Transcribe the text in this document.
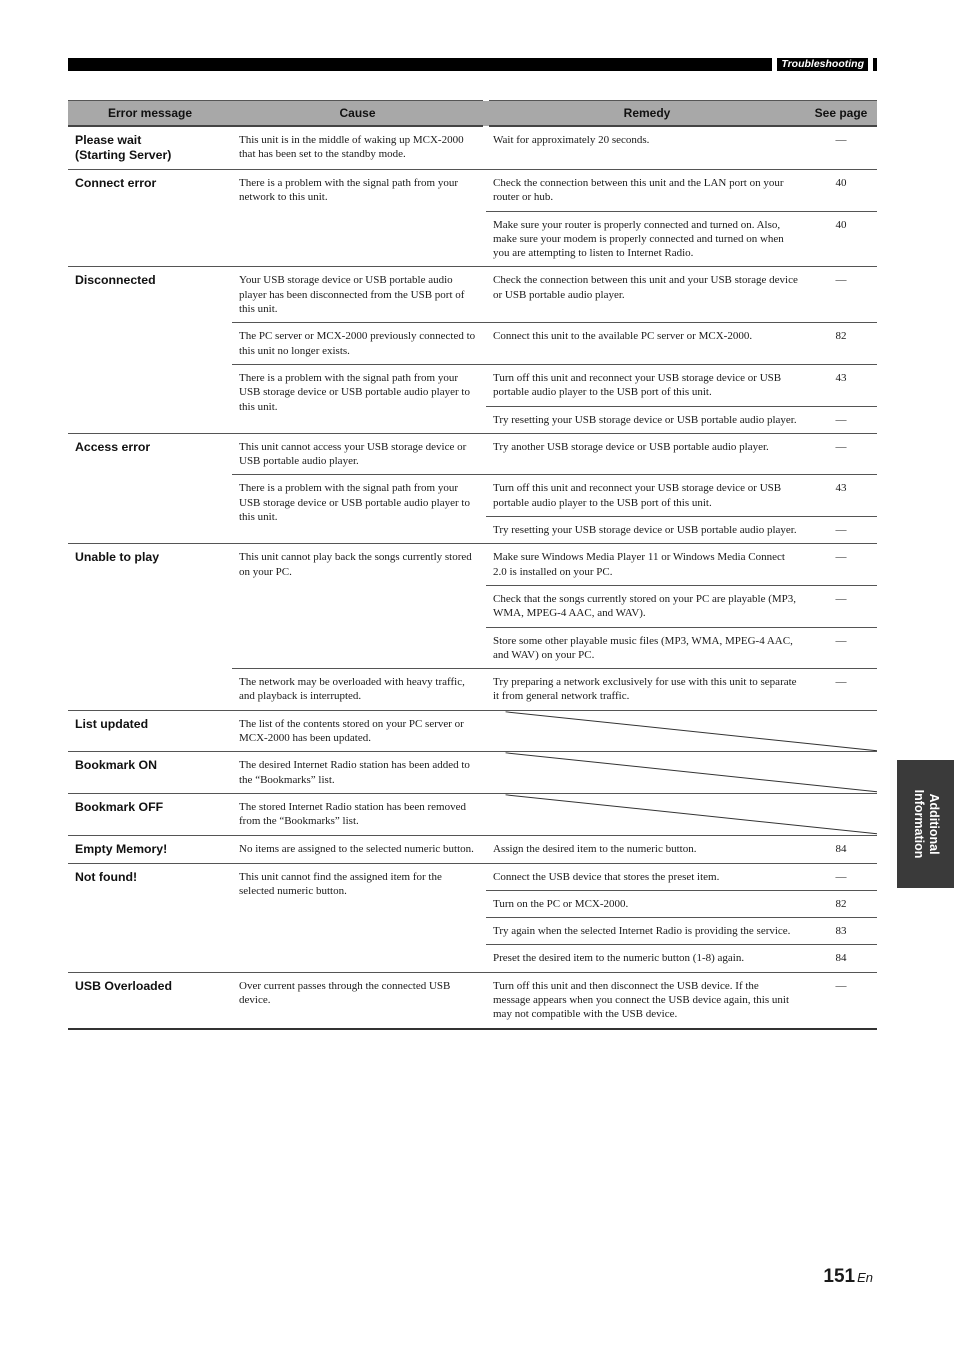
Troubleshooting
Error message	Cause	Remedy	See page
Please wait
(Starting Server)	This unit is in the middle of waking up MCX-2000 that has been set to the standby mode.	Wait for approximately 20 seconds.	—
Connect error	There is a problem with the signal path from your network to this unit.	Check the connection between this unit and the LAN port on your router or hub.	40
		Make sure your router is properly connected and turned on. Also, make sure your modem is properly connected and turned on when you are attempting to listen to Internet Radio.	40
Disconnected	Your USB storage device or USB portable audio player has been disconnected from the USB port of this unit.	Check the connection between this unit and your USB storage device or USB portable audio player.	—
	The PC server or MCX-2000 previously connected to this unit no longer exists.	Connect this unit to the available PC server or MCX-2000.	82
	There is a problem with the signal path from your USB storage device or USB portable audio player to this unit.	Turn off this unit and reconnect your USB storage device or USB portable audio player to the USB port of this unit.	43
		Try resetting your USB storage device or USB portable audio player.	—
Access error	This unit cannot access your USB storage device or USB portable audio player.	Try another USB storage device or USB portable audio player.	—
	There is a problem with the signal path from your USB storage device or USB portable audio player to this unit.	Turn off this unit and reconnect your USB storage device or USB portable audio player to the USB port of this unit.	43
		Try resetting your USB storage device or USB portable audio player.	—
Unable to play	This unit cannot play back the songs currently stored on your PC.	Make sure Windows Media Player 11 or Windows Media Connect 2.0 is installed on your PC.	—
		Check that the songs currently stored on your PC are playable (MP3, WMA, MPEG-4 AAC, and WAV).	—
		Store some other playable music files (MP3, WMA, MPEG-4 AAC, and WAV) on your PC.	—
	The network may be overloaded with heavy traffic, and playback is interrupted.	Try preparing a network exclusively for use with this unit to separate it from general network traffic.	—
List updated	The list of the contents stored on your PC server or MCX-2000 has been updated.	

Bookmark ON	The desired Internet Radio station has been added to the “Bookmarks” list.	

Bookmark OFF	The stored Internet Radio station has been removed from the “Bookmarks” list.	

Empty Memory!	No items are assigned to the selected numeric button.	Assign the desired item to the numeric button.	84
Not found!	This unit cannot find the assigned item for the selected numeric button.	Connect the USB device that stores the preset item.	—
		Turn on the PC or MCX-2000.	82
		Try again when the selected Internet Radio is providing the service.	83
		Preset the desired item to the numeric button (1-8) again.	84
USB Overloaded	Over current passes through the connected USB device.	Turn off this unit and then disconnect the USB device. If the message appears when you connect the USB device again, this unit may not compatible with the USB device.	—
Additional
Information
151 En
